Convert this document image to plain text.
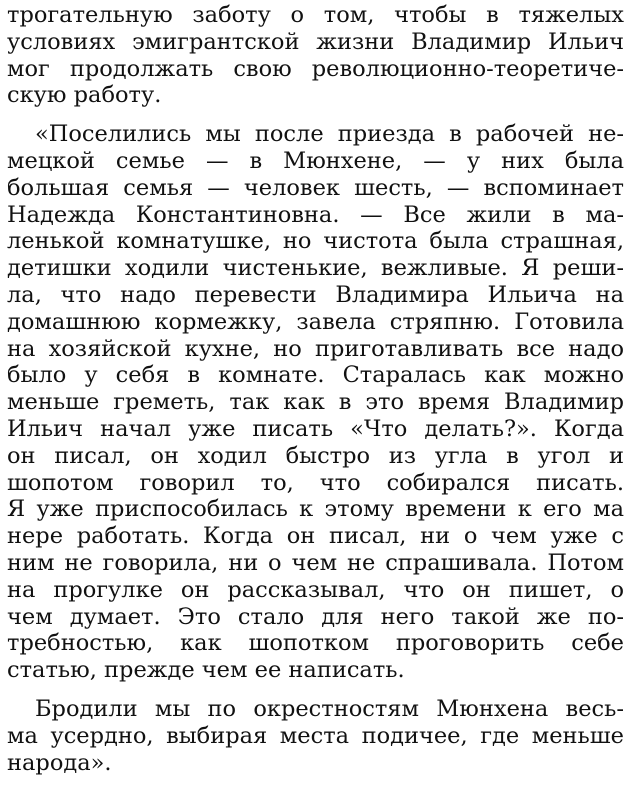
трогательную заботу о том, чтобы в тяжелых
условиях эмигрантской жизни Владимир Ильич
мог продолжать свою революционно-теоретиче-
скую работу.

«Поселились мы после приезда в рабочей не-
мецкой семье — в Мюнхене, — у них была
большая семья — человек шесть, — вспоминает
Надежда Константиновна. — Все жили в ма-
ленькой комнатушке, но чистота была страшная,
детишки ходили чистенькие, вежливые. Я реши-
ла, что надо перевести Владимира Ильича на
домашнюю кормежку, завела стряпню. Готовила
на хозяйской кухне, но приготавливать все надо
было у себя в комнате. Старалась как можно
меньше греметь, так как в это время Владимир
Ильич начал уже писать «Что делать?». Когда
он писал, он ходил быстро из угла в угол и
шопотом говорил то, что собирался писать.
Я уже приспособилась к этому времени к его ма
нере работать. Когда он писал, ни о чем уже с
ним не говорила, ни о чем не спрашивала. Потом
на прогулке он рассказывал, что он пишет, о
чем думает. Это стало для него такой же по-
требностью, как шопотком проговорить себе
статью, прежде чем ее написать.

Бродили мы по окрестностям Мюнхена весь-
ма усердно, выбирая места подичее, где меньше
народа».
